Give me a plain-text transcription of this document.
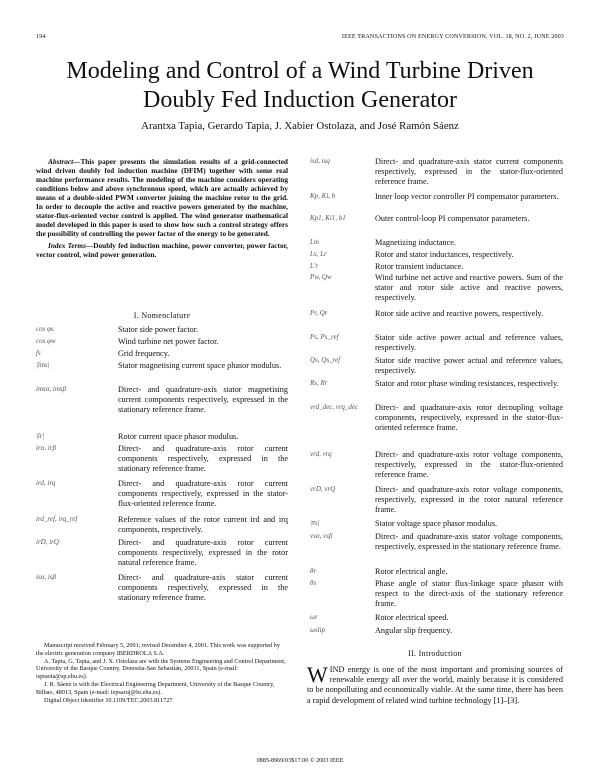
194	IEEE TRANSACTIONS ON ENERGY CONVERSION, VOL. 18, NO. 2, JUNE 2003
Modeling and Control of a Wind Turbine Driven
Doubly Fed Induction Generator
Arantxa Tapia, Gerardo Tapia, J. Xabier Ostolaza, and José Ramón Sáenz

Abstract—This paper presents the simulation results of a grid-connected wind driven doubly fed induction machine (DFIM) together with some real machine performance results. The modeling of the machine considers operating conditions below and above synchronous speed, which are actually achieved by means of a double-sided PWM converter joining the machine rotor to the grid. In order to decouple the active and reactive powers generated by the machine, stator-flux-oriented vector control is applied. The wind generator mathematical model developed in this paper is used to show how such a control strategy offers the possibility of controlling the power factor of the energy to be generated.

Index Terms—Doubly fed induction machine, power converter, power factor, vector control, wind power generation.

I. Nomenclature
cos φs	Stator side power factor.
cos φw	Wind turbine net power factor.
fs	Grid frequency.
|īms|	Stator magnetising current space phasor modulus.
imsα, imsβ	Direct- and quadrature-axis stator magnetising current components respectively, expressed in the stationary reference frame.
|īr|	Rotor current space phasor modulus.
irα, irβ	Direct- and quadrature-axis rotor current components respectively, expressed in the stationary reference frame.
ird, irq	Direct- and quadrature-axis rotor current components respectively, expressed in the stator-flux-oriented reference frame.
ird_ref, irq_ref	Reference values of the rotor current ird and irq components, respectively.
irD, irQ	Direct- and quadrature-axis rotor current components respectively, expressed in the rotor natural reference frame.
isα, isβ	Direct- and quadrature-axis stator current components respectively, expressed in the stationary reference frame.
isd, isq	Direct- and quadrature-axis stator current components respectively, expressed in the stator-flux-oriented reference frame.
Kp, Ki, b	Inner loop vector controller PI compensator parameters.
Kp1, Ki1, b1	Outer control-loop PI compensator parameters.
Lm	Magnetizing inductance.
Ls, Lr	Rotor and stator inductances, respectively.
L'r	Rotor transient inductance.
Pw, Qw	Wind turbine net active and reactive powers. Sum of the stator and rotor side active and reactive powers, respectively.
Pr, Qr	Rotor side active and reactive powers, respectively.
Ps, Ps_ref	Stator side active power actual and reference values, respectively.
Qs, Qs_ref	Stator side reactive power actual and reference values, respectively.
Rs, Rr	Stator and rotor phase winding resistances, respectively.
vrd_dec, vrq_dec Direct- and quadrature-axis rotor decoupling voltage components, respectively, expressed in the stator-flux-oriented reference frame.
vrd, vrq	Direct- and quadrature-axis rotor voltage components, respectively, expressed in the stator-flux-oriented reference frame.
vrD, vrQ	Direct- and quadrature-axis rotor voltage components, respectively, expressed in the rotor natural reference frame.
|v̄s|	Stator voltage space phasor modulus.
vsα, vsβ	Direct- and quadrature-axis stator voltage components, respectively, expressed in the stationary reference frame.
θr	Rotor electrical angle.
θs	Phase angle of stator flux-linkage space phasor with respect to the direct-axis of the stationary reference frame.
ωr	Rotor electrical speed.
ωslip	Angular slip frequency.

Manuscript received February 5, 2001; revised December 4, 2001. This work was supported by the electric generation company IBERDROLA S.A.

A. Tapia, G. Tapia, and J. X. Ostolaza are with the Systems Engineering and Control Department, University of the Basque Country, Donostia-San Sebastián, 20011, Spain (e-mail: isptaota@sp.ehu.es).

J. R. Sáenz is with the Electrical Engineering Department, University of the Basque Country, Bilbao, 48013, Spain (e-mail: iepsaruj@bi.ehu.es).

Digital Object Identifier 10.1109/TEC.2003.811727

II. Introduction
WIND energy is one of the most important and promising sources of renewable energy all over the world, mainly because it is considered to be nonpolluting and economically viable. At the same time, there has been a rapid development of related wind turbine technology [1]–[3].
0885-8969/03$17.00 © 2003 IEEE
